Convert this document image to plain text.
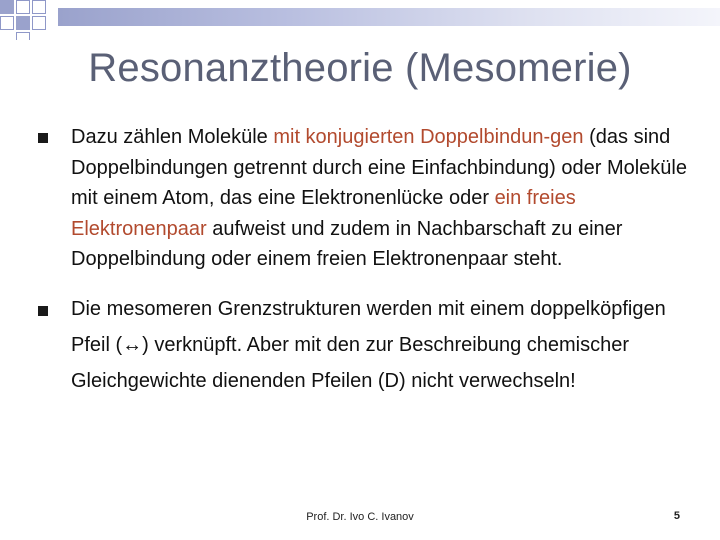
Resonanztheorie (Mesomerie)
Dazu zählen Moleküle mit konjugierten Doppelbindun-gen (das sind Doppelbindungen getrennt durch eine Einfachbindung) oder Moleküle mit einem Atom, das eine Elektronenlücke oder ein freies Elektronenpaar aufweist und zudem in Nachbarschaft zu einer Doppelbindung oder einem freien Elektronenpaar steht.
Die mesomeren Grenzstrukturen werden mit einem doppelköpfigen Pfeil (↔) verknüpft. Aber mit den zur Beschreibung chemischer Gleichgewichte dienenden Pfeilen (D) nicht verwechseln!
Prof. Dr. Ivo C. Ivanov	5
